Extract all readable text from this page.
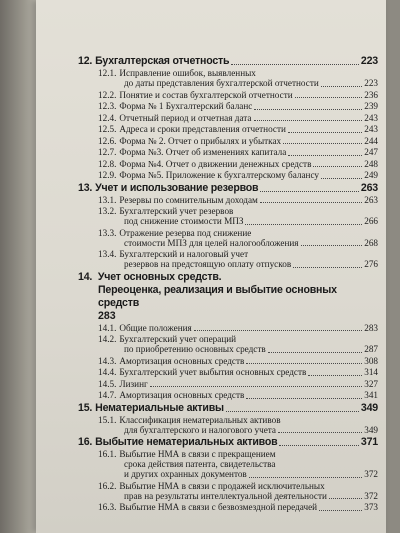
12. Бухгалтерская отчетность	223
12.1. Исправление ошибок, выявленных
до даты представления бухгалтерской отчетности	223
12.2. Понятие и состав бухгалтерской отчетности	236
12.3. Форма № 1 Бухгалтерский баланс	239
12.4. Отчетный период и отчетная дата	243
12.5. Адреса и сроки представления отчетности	243
12.6. Форма № 2. Отчет о прибылях и убытках	244
12.7. Форма №3. Отчет об изменениях капитала	247
12.8. Форма №4. Отчет о движении денежных средств	248
12.9. Форма №5. Приложение к бухгалтерскому балансу	249
13. Учет и использование резервов	263
13.1. Резервы по сомнительным доходам	263
13.2. Бухгалтерский учет резервов
под снижение стоимости МПЗ	266
13.3. Отражение резерва под снижение
стоимости МПЗ для целей налогообложения	268
13.4. Бухгалтерский и налоговый учет
резервов на предстоящую оплату отпусков	276
14. Учет основных средств.
Переоценка, реализация и выбытие основных средств
283
14.1. Общие положения	283
14.2. Бухгалтерский учет операций
по приобретению основных средств	287
14.3. Амортизация основных средств	308
14.4. Бухгалтерский учет выбытия основных средств	314
14.5. Лизинг	327
14.7. Амортизация основных средств	341
15. Нематериальные активы	349
15.1. Классификация нематериальных активов
для бухгалтерского и налогового учета	349
16. Выбытие нематериальных активов	371
16.1. Выбытие НМА в связи с прекращением
срока действия патента, свидетельства
и других охранных документов	372
16.2. Выбытие НМА в связи с продажей исключительных
прав на результаты интеллектуальной деятельности	372
16.3. Выбытие НМА в связи с безвозмездной передачей	373
